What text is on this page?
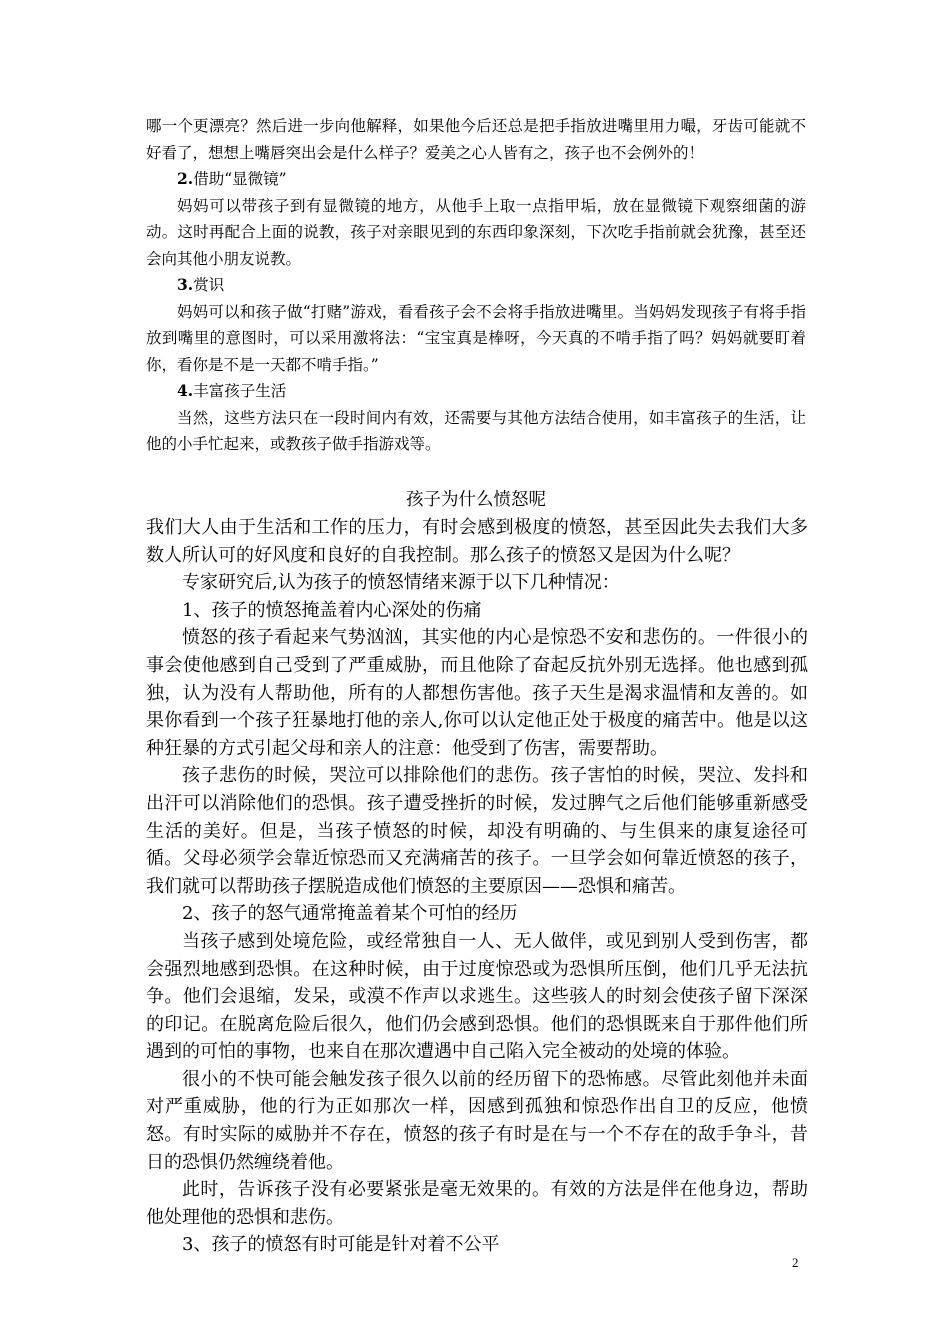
哪一个更漂亮？然后进一步向他解释，如果他今后还总是把手指放进嘴里用力嘬，牙齿可能就不好看了，想想上嘴唇突出会是什么样子？爱美之心人皆有之，孩子也不会例外的！

2.借助“显微镜”

妈妈可以带孩子到有显微镜的地方，从他手上取一点指甲垢，放在显微镜下观察细菌的游动。这时再配合上面的说教，孩子对亲眼见到的东西印象深刻，下次吃手指前就会犹豫，甚至还会向其他小朋友说教。

3.赏识

妈妈可以和孩子做“打赌”游戏，看看孩子会不会将手指放进嘴里。当妈妈发现孩子有将手指放到嘴里的意图时，可以采用激将法：“宝宝真是棒呀，今天真的不啃手指了吗？妈妈就要盯着你，看你是不是一天都不啃手指。”

4.丰富孩子生活

当然，这些方法只在一段时间内有效，还需要与其他方法结合使用，如丰富孩子的生活，让他的小手忙起来，或教孩子做手指游戏等。

孩子为什么愤怒呢

我们大人由于生活和工作的压力，有时会感到极度的愤怒，甚至因此失去我们大多数人所认可的好风度和良好的自我控制。那么孩子的愤怒又是因为什么呢？

专家研究后,认为孩子的愤怒情绪来源于以下几种情况：

1、孩子的愤怒掩盖着内心深处的伤痛

愤怒的孩子看起来气势汹汹，其实他的内心是惊恐不安和悲伤的。一件很小的事会使他感到自己受到了严重威胁，而且他除了奋起反抗外别无选择。他也感到孤独，认为没有人帮助他，所有的人都想伤害他。孩子天生是渴求温情和友善的。如果你看到一个孩子狂暴地打他的亲人,你可以认定他正处于极度的痛苦中。他是以这种狂暴的方式引起父母和亲人的注意：他受到了伤害，需要帮助。

孩子悲伤的时候，哭泣可以排除他们的悲伤。孩子害怕的时候，哭泣、发抖和出汗可以消除他们的恐惧。孩子遭受挫折的时候，发过脾气之后他们能够重新感受生活的美好。但是，当孩子愤怒的时候，却没有明确的、与生俱来的康复途径可循。父母必须学会靠近惊恐而又充满痛苦的孩子。一旦学会如何靠近愤怒的孩子，我们就可以帮助孩子摆脱造成他们愤怒的主要原因——恐惧和痛苦。

2、孩子的怒气通常掩盖着某个可怕的经历

当孩子感到处境危险，或经常独自一人、无人做伴，或见到别人受到伤害，都会强烈地感到恐惧。在这种时候，由于过度惊恐或为恐惧所压倒，他们几乎无法抗争。他们会退缩，发呆，或漠不作声以求逃生。这些骇人的时刻会使孩子留下深深的印记。在脱离危险后很久，他们仍会感到恐惧。他们的恐惧既来自于那件他们所遇到的可怕的事物，也来自在那次遭遇中自己陷入完全被动的处境的体验。

很小的不快可能会触发孩子很久以前的经历留下的恐怖感。尽管此刻他并未面对严重威胁，他的行为正如那次一样，因感到孤独和惊恐作出自卫的反应，他愤怒。有时实际的威胁并不存在，愤怒的孩子有时是在与一个不存在的敌手争斗，昔日的恐惧仍然缠绕着他。

此时，告诉孩子没有必要紧张是毫无效果的。有效的方法是伴在他身边，帮助他处理他的恐惧和悲伤。

3、孩子的愤怒有时可能是针对着不公平

2
